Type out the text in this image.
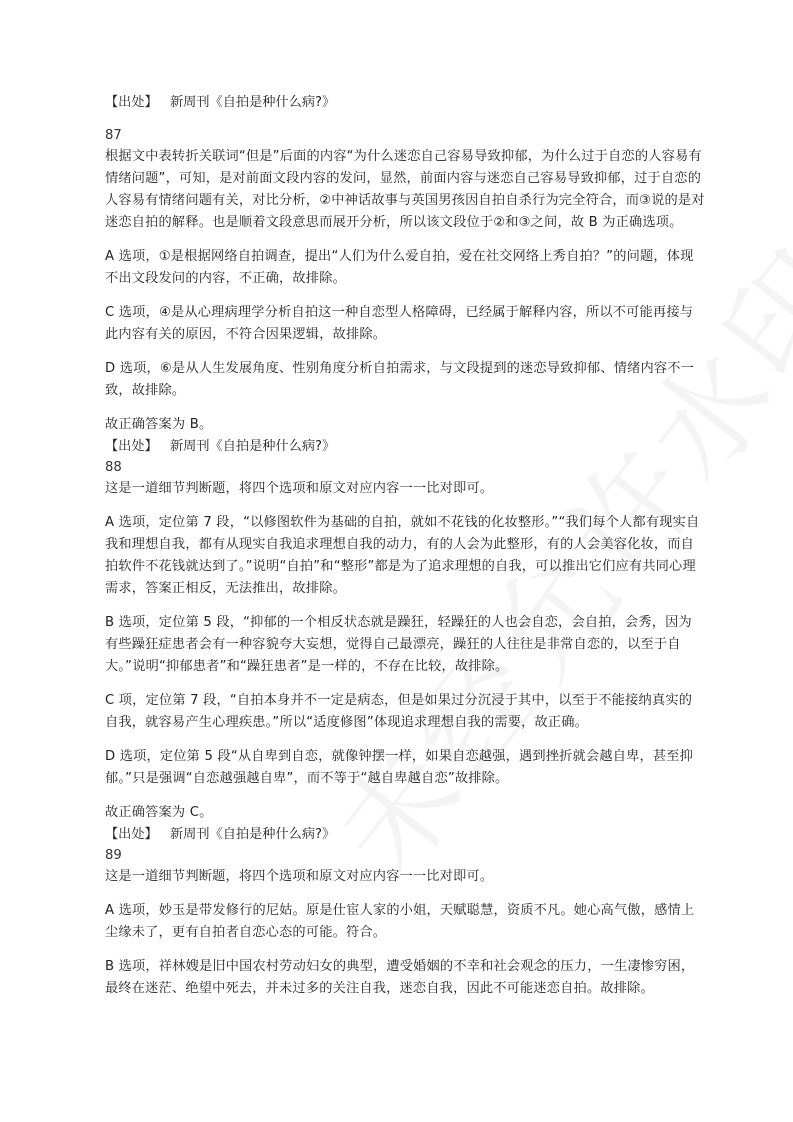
【出处】 新周刊《自拍是种什么病?》

87

根据文中表转折关联词“但是”后面的内容“为什么迷恋自己容易导致抑郁，为什么过于自恋的人容易有情绪问题”，可知，是对前面文段内容的发问，显然，前面内容与迷恋自己容易导致抑郁，过于自恋的人容易有情绪问题有关，对比分析，②中神话故事与英国男孩因自拍自杀行为完全符合，而③说的是对迷恋自拍的解释。也是顺着文段意思而展开分析，所以该文段位于②和③之间，故 B 为正确选项。

A 选项，①是根据网络自拍调查，提出“人们为什么爱自拍，爱在社交网络上秀自拍？”的问题，体现不出文段发问的内容，不正确，故排除。

C 选项，④是从心理病理学分析自拍这一种自恋型人格障碍，已经属于解释内容，所以不可能再接与此内容有关的原因，不符合因果逻辑，故排除。

D 选项，⑥是从人生发展角度、性别角度分析自拍需求，与文段提到的迷恋导致抑郁、情绪内容不一致，故排除。

故正确答案为 B。

【出处】 新周刊《自拍是种什么病?》

88

这是一道细节判断题，将四个选项和原文对应内容一一比对即可。

A 选项，定位第 7 段，“以修图软件为基础的自拍，就如不花钱的化妆整形。”“我们每个人都有现实自我和理想自我，都有从现实自我追求理想自我的动力，有的人会为此整形，有的人会美容化妆，而自拍软件不花钱就达到了。”说明“自拍”和“整形”都是为了追求理想的自我，可以推出它们应有共同心理需求，答案正相反，无法推出，故排除。

B 选项，定位第 5 段，“抑郁的一个相反状态就是躁狂，轻躁狂的人也会自恋，会自拍，会秀，因为有些躁狂症患者会有一种容貌夸大妄想，觉得自己最漂亮，躁狂的人往往是非常自恋的，以至于自大。”说明“抑郁患者”和“躁狂患者”是一样的，不存在比较，故排除。

C 项，定位第 7 段，“自拍本身并不一定是病态，但是如果过分沉浸于其中，以至于不能接纳真实的自我，就容易产生心理疾患。”所以“适度修图”体现追求理想自我的需要，故正确。

D 选项，定位第 5 段“从自卑到自恋，就像钟摆一样，如果自恋越强，遇到挫折就会越自卑，甚至抑郁。”只是强调“自恋越强越自卑”，而不等于“越自卑越自恋”故排除。

故正确答案为 C。

【出处】 新周刊《自拍是种什么病?》

89

这是一道细节判断题，将四个选项和原文对应内容一一比对即可。

A 选项，妙玉是带发修行的尼姑。原是仕宦人家的小姐，天赋聪慧，资质不凡。她心高气傲，感情上尘缘未了，更有自拍者自恋心态的可能。符合。

B 选项，祥林嫂是旧中国农村劳动妇女的典型，遭受婚姻的不幸和社会观念的压力，一生凄惨穷困，最终在迷茫、绝望中死去，并未过多的关注自我，迷恋自我，因此不可能迷恋自拍。故排除。
